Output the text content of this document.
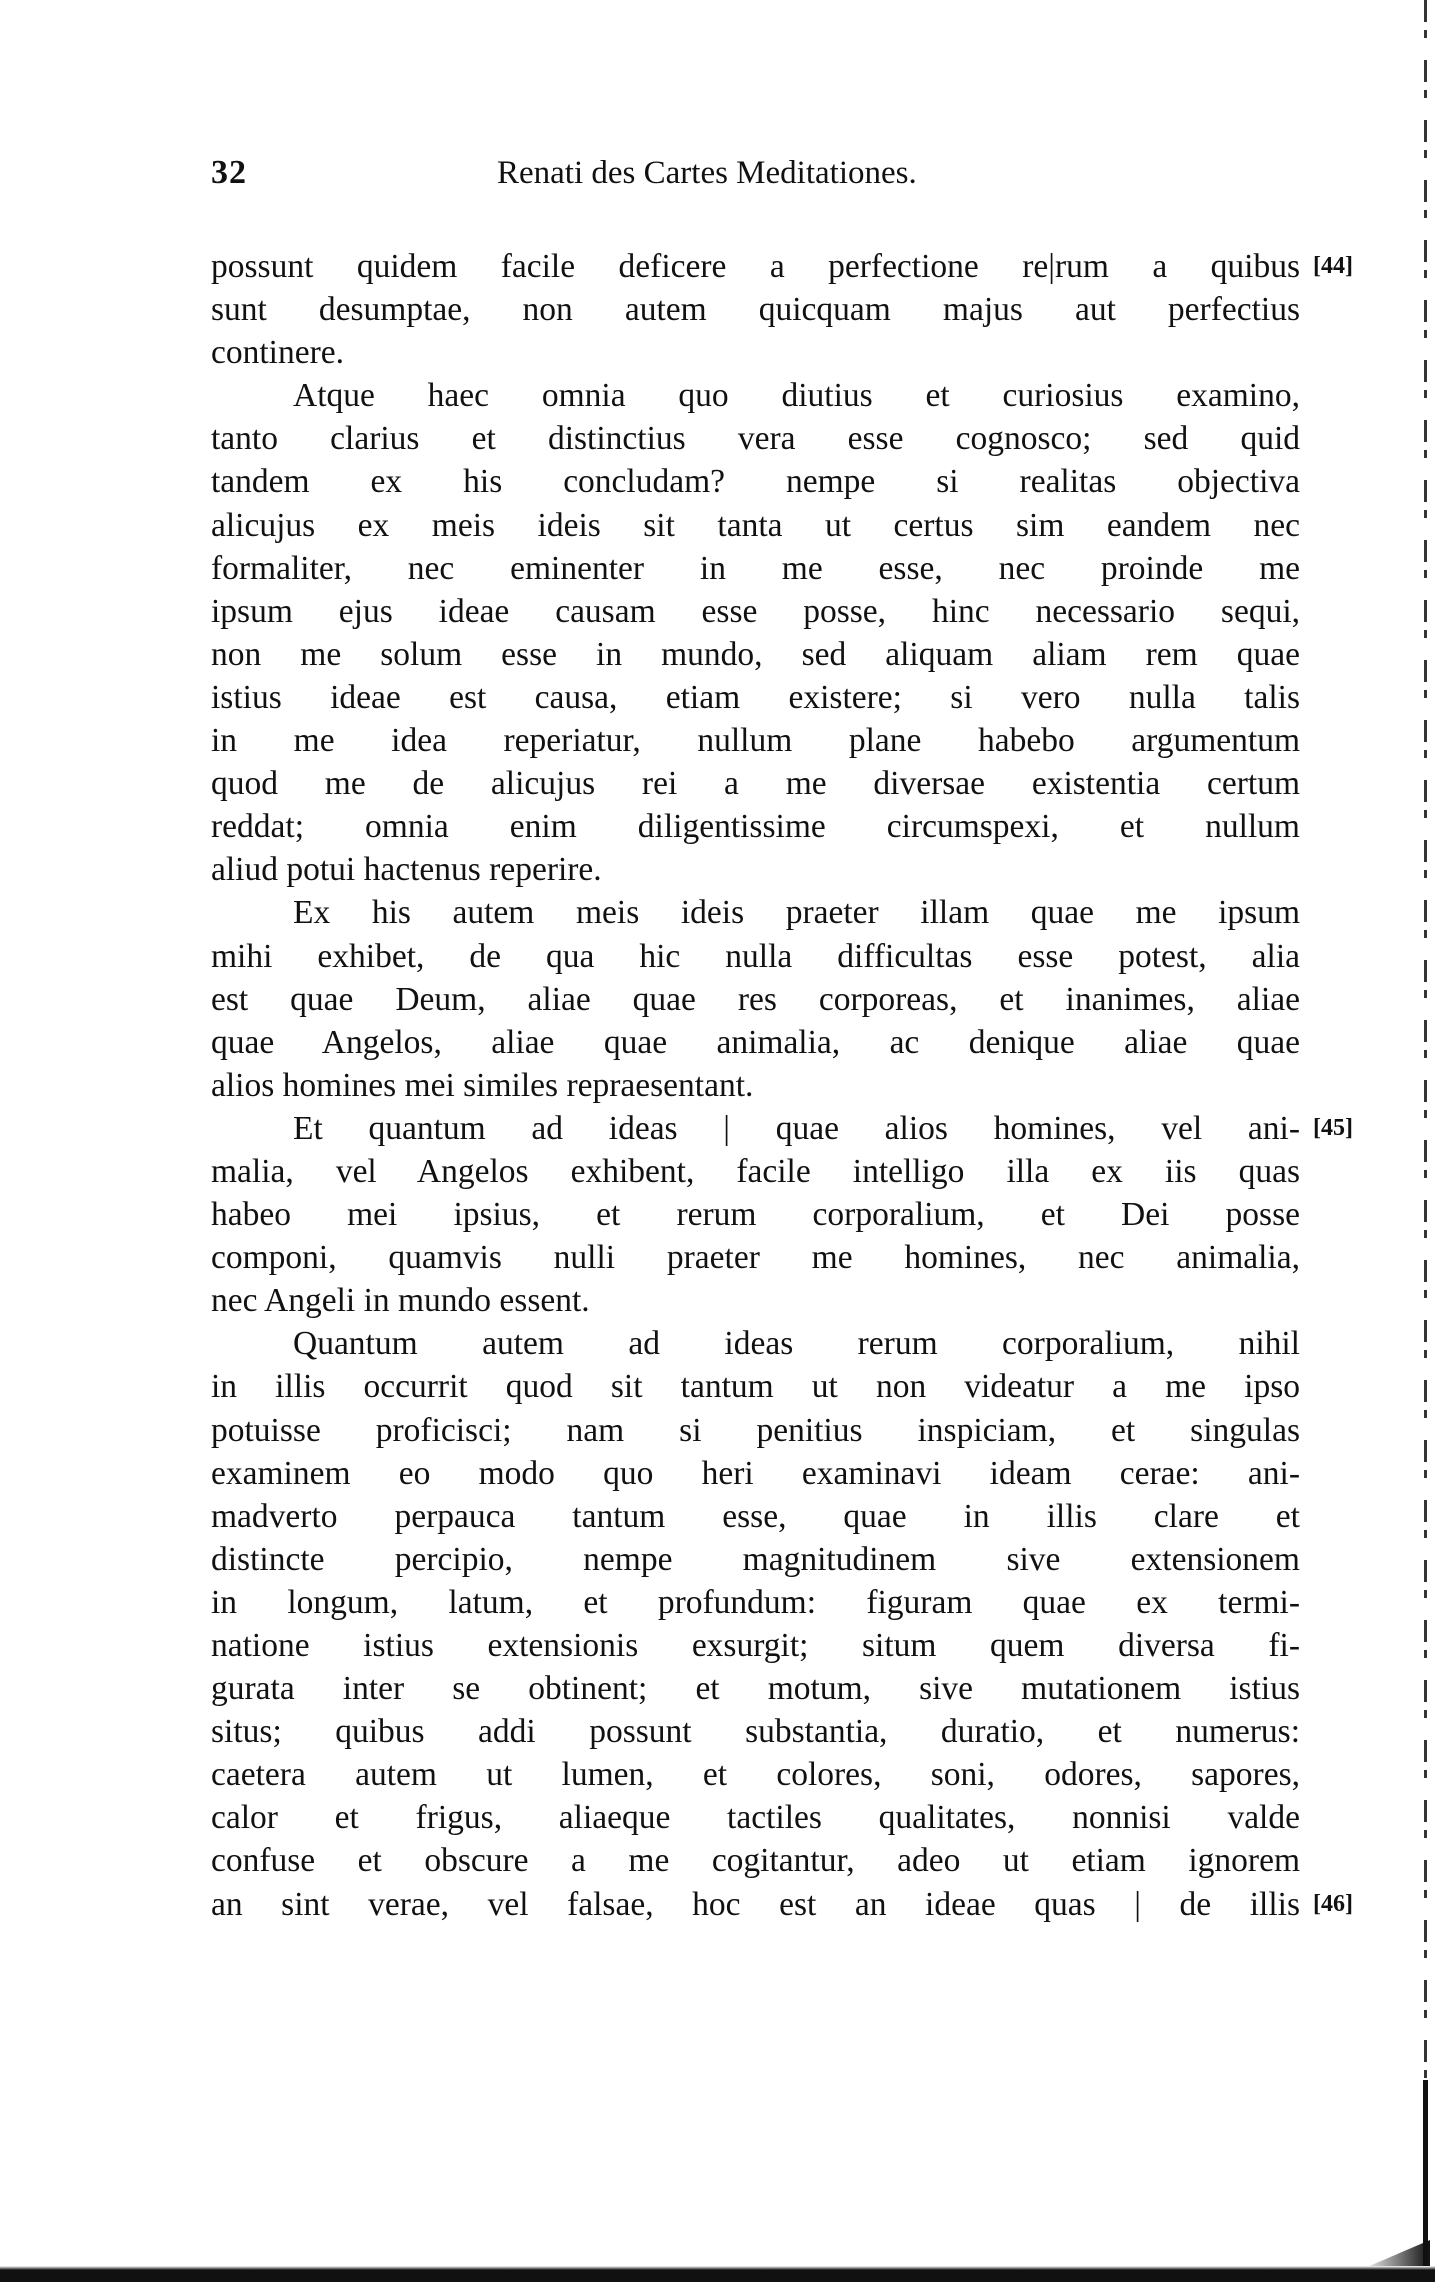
32	Renati des Cartes Meditationes.
possunt quidem facile deficere a perfectione re|rum a quibus [44]
sunt desumptae, non autem quicquam majus aut perfectius
continere.
Atque haec omnia quo diutius et curiosius examino,
tanto clarius et distinctius vera esse cognosco; sed quid
tandem ex his concludam? nempe si realitas objectiva
alicujus ex meis ideis sit tanta ut certus sim eandem nec
formaliter, nec eminenter in me esse, nec proinde me
ipsum ejus ideae causam esse posse, hinc necessario sequi,
non me solum esse in mundo, sed aliquam aliam rem quae
istius ideae est causa, etiam existere; si vero nulla talis
in me idea reperiatur, nullum plane habebo argumentum
quod me de alicujus rei a me diversae existentia certum
reddat; omnia enim diligentissime circumspexi, et nullum
aliud potui hactenus reperire.
Ex his autem meis ideis praeter illam quae me ipsum
mihi exhibet, de qua hic nulla difficultas esse potest, alia
est quae Deum, aliae quae res corporeas, et inanimes, aliae
quae Angelos, aliae quae animalia, ac denique aliae quae
alios homines mei similes repraesentant.
Et quantum ad ideas | quae alios homines, vel ani- [45]
malia, vel Angelos exhibent, facile intelligo illa ex iis quas
habeo mei ipsius, et rerum corporalium, et Dei posse
componi, quamvis nulli praeter me homines, nec animalia,
nec Angeli in mundo essent.
Quantum autem ad ideas rerum corporalium, nihil
in illis occurrit quod sit tantum ut non videatur a me ipso
potuisse proficisci; nam si penitius inspiciam, et singulas
examinem eo modo quo heri examinavi ideam cerae: ani-
madverto perpauca tantum esse, quae in illis clare et
distincte percipio, nempe magnitudinem sive extensionem
in longum, latum, et profundum: figuram quae ex termi-
natione istius extensionis exsurgit; situm quem diversa fi-
gurata inter se obtinent; et motum, sive mutationem istius
situs; quibus addi possunt substantia, duratio, et numerus:
caetera autem ut lumen, et colores, soni, odores, sapores,
calor et frigus, aliaeque tactiles qualitates, nonnisi valde
confuse et obscure a me cogitantur, adeo ut etiam ignorem
an sint verae, vel falsae, hoc est an ideae quas | de illis [46]
